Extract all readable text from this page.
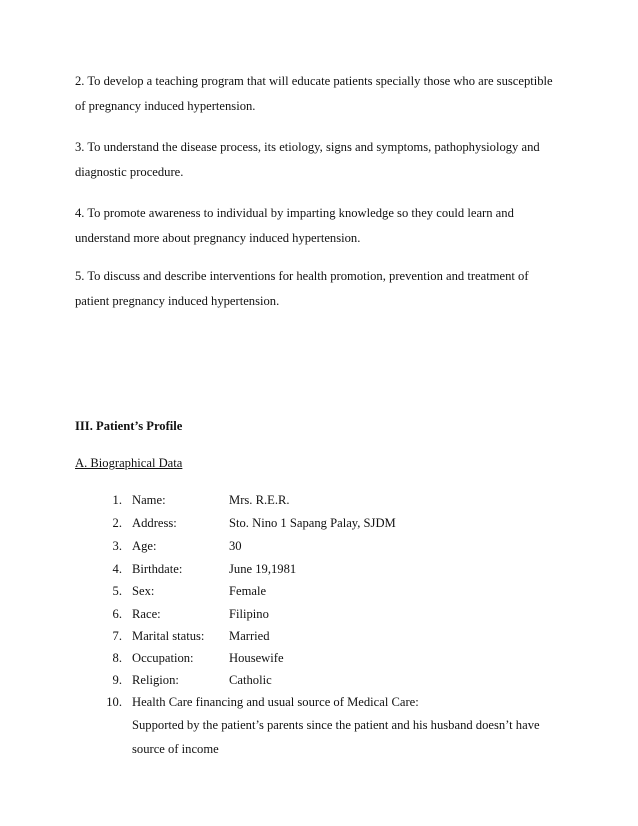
2. To develop a teaching program that will educate patients specially those who are susceptible
of pregnancy induced hypertension.
3. To understand the disease process, its etiology, signs and symptoms, pathophysiology and
diagnostic procedure.
4. To promote awareness to individual by imparting knowledge so they could learn and
understand more about pregnancy induced hypertension.
5. To discuss and describe interventions for health promotion, prevention and treatment of
patient pregnancy induced hypertension.
III. Patient’s Profile
A. Biographical Data
1. Name:	Mrs. R.E.R.
2. Address:	Sto. Nino 1 Sapang Palay, SJDM
3. Age:	30
4. Birthdate:	June 19,1981
5. Sex:	Female
6. Race:	Filipino
7. Marital status: Married
8. Occupation:	Housewife
9. Religion:	Catholic
10. Health Care financing and usual source of Medical Care:
Supported by the patient’s parents since the patient and his husband doesn’t have
source of income
